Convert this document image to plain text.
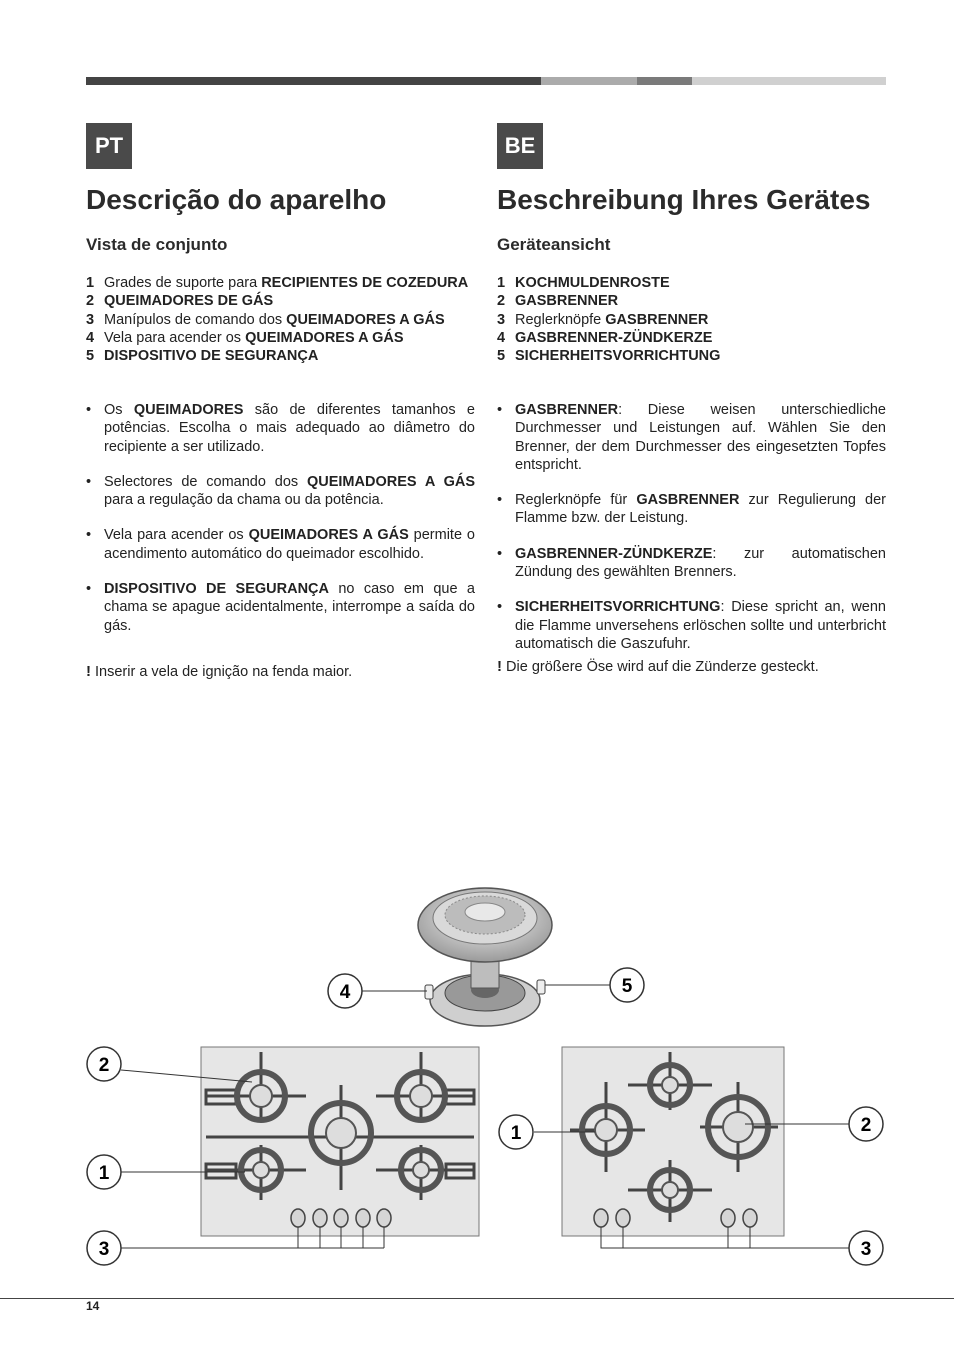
PT
Descrição do aparelho
Vista de conjunto
1 Grades de suporte para RECIPIENTES DE COZEDURA
2 QUEIMADORES DE GÁS
3 Manípulos de comando dos QUEIMADORES A GÁS
4 Vela para acender os QUEIMADORES A GÁS
5 DISPOSITIVO DE SEGURANÇA
• Os QUEIMADORES são de diferentes tamanhos e potências. Escolha o mais adequado ao diâmetro do recipiente a ser utilizado.
• Selectores de comando dos QUEIMADORES A GÁS para a regulação da chama ou da potência.
• Vela para acender os QUEIMADORES A GÁS permite o acendimento automático do queimador escolhido.
• DISPOSITIVO DE SEGURANÇA no caso em que a chama se apague acidentalmente, interrompe a saída do gás.
! Inserir a vela de ignição na fenda maior.
BE
Beschreibung Ihres Gerätes
Geräteansicht
1 KOCHMULDENROSTE
2 GASBRENNER
3 Reglerknöpfe GASBRENNER
4 GASBRENNER-ZÜNDKERZE
5 SICHERHEITSVORRICHTUNG
• GASBRENNER: Diese weisen unterschiedliche Durchmesser und Leistungen auf. Wählen Sie den Brenner, der dem Durchmesser des eingesetzten Topfes entspricht.
• Reglerknöpfe für GASBRENNER zur Regulierung der Flamme bzw. der Leistung.
• GASBRENNER-ZÜNDKERZE: zur automatischen Zündung des gewählten Brenners.
• SICHERHEITSVORRICHTUNG: Diese spricht an, wenn die Flamme unversehens erlöschen sollte und unterbricht automatisch die Gaszufuhr.
! Die größere Öse wird auf die Zünderze gesteckt.
2
1
3
4	5
1	2
3
14
